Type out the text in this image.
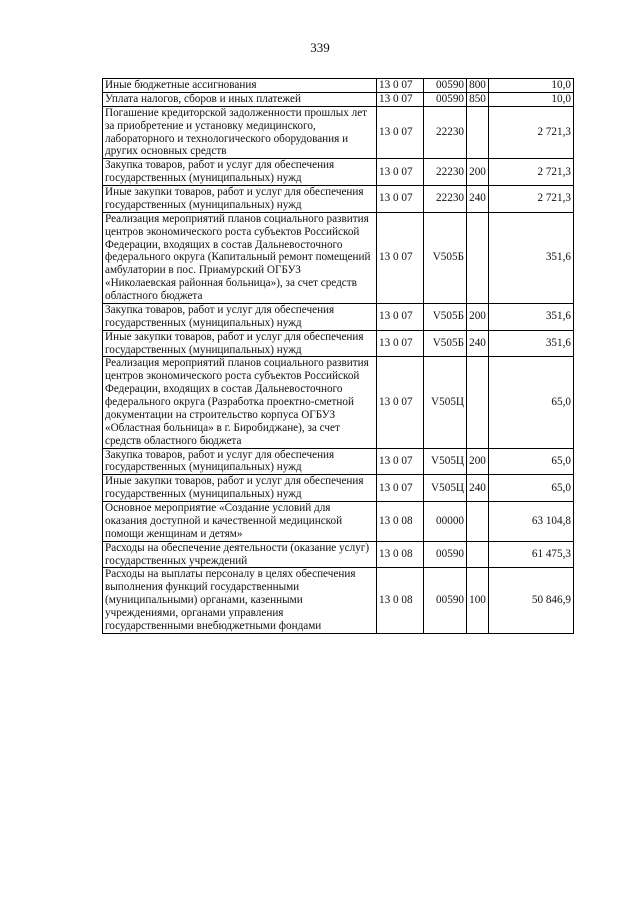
339
Иные бюджетные ассигнования	13 0 07	00590	800	10,0
Уплата налогов, сборов и иных платежей	13 0 07	00590	850	10,0
Погашение кредиторской задолженности прошлых лет за приобретение и установку медицинского, лабораторного и технологического оборудования и других основных средств	13 0 07	22230		2 721,3
Закупка товаров, работ и услуг для обеспечения государственных (муниципальных) нужд	13 0 07	22230	200	2 721,3
Иные закупки товаров, работ и услуг для обеспечения государственных (муниципальных) нужд	13 0 07	22230	240	2 721,3
Реализация мероприятий планов социального развития центров экономического роста субъектов Российской Федерации, входящих в состав Дальневосточного федерального округа (Капитальный ремонт помещений амбулатории в пос. Приамурский ОГБУЗ «Николаевская районная больница»), за счет средств областного бюджета	13 0 07	V505Б		351,6
Закупка товаров, работ и услуг для обеспечения государственных (муниципальных) нужд	13 0 07	V505Б	200	351,6
Иные закупки товаров, работ и услуг для обеспечения государственных (муниципальных) нужд	13 0 07	V505Б	240	351,6
Реализация мероприятий планов социального развития центров экономического роста субъектов Российской Федерации, входящих в состав Дальневосточного федерального округа (Разработка проектно-сметной документации на строительство корпуса ОГБУЗ «Областная больница» в г. Биробиджане), за счет средств областного бюджета	13 0 07	V505Ц		65,0
Закупка товаров, работ и услуг для обеспечения государственных (муниципальных) нужд	13 0 07	V505Ц	200	65,0
Иные закупки товаров, работ и услуг для обеспечения государственных (муниципальных) нужд	13 0 07	V505Ц	240	65,0
Основное мероприятие «Создание условий для оказания доступной и качественной медицинской помощи женщинам и детям»	13 0 08	00000		63 104,8
Расходы на обеспечение деятельности (оказание услуг) государственных учреждений	13 0 08	00590		61 475,3
Расходы на выплаты персоналу в целях обеспечения выполнения функций государственными (муниципальными) органами, казенными учреждениями, органами управления государственными внебюджетными фондами	13 0 08	00590	100	50 846,9
